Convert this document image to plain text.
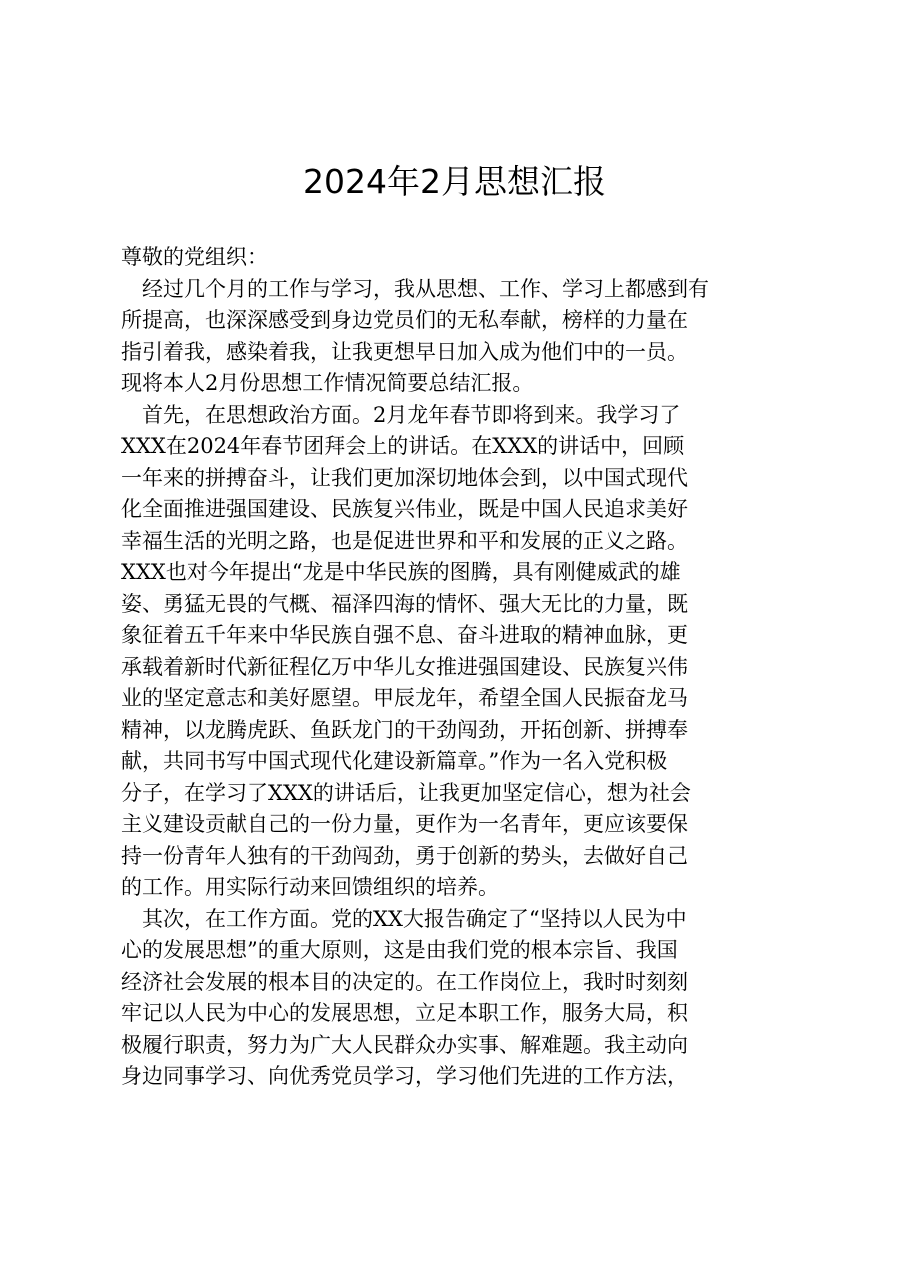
2024年2月思想汇报
尊敬的党组织：
经过几个月的工作与学习，我从思想、工作、学习上都感到有
所提高，也深深感受到身边党员们的无私奉献，榜样的力量在
指引着我，感染着我，让我更想早日加入成为他们中的一员。
现将本人2月份思想工作情况简要总结汇报。
首先，在思想政治方面。2月龙年春节即将到来。我学习了
XXX在2024年春节团拜会上的讲话。在XXX的讲话中，回顾
一年来的拼搏奋斗，让我们更加深切地体会到，以中国式现代
化全面推进强国建设、民族复兴伟业，既是中国人民追求美好
幸福生活的光明之路，也是促进世界和平和发展的正义之路。
XXX也对今年提出“龙是中华民族的图腾，具有刚健威武的雄
姿、勇猛无畏的气概、福泽四海的情怀、强大无比的力量，既
象征着五千年来中华民族自强不息、奋斗进取的精神血脉，更
承载着新时代新征程亿万中华儿女推进强国建设、民族复兴伟
业的坚定意志和美好愿望。甲辰龙年，希望全国人民振奋龙马
精神，以龙腾虎跃、鱼跃龙门的干劲闯劲，开拓创新、拼搏奉
献，共同书写中国式现代化建设新篇章。”作为一名入党积极
分子，在学习了XXX的讲话后，让我更加坚定信心，想为社会
主义建设贡献自己的一份力量，更作为一名青年，更应该要保
持一份青年人独有的干劲闯劲，勇于创新的势头，去做好自己
的工作。用实际行动来回馈组织的培养。
其次，在工作方面。党的XX大报告确定了“坚持以人民为中
心的发展思想”的重大原则，这是由我们党的根本宗旨、我国
经济社会发展的根本目的决定的。在工作岗位上，我时时刻刻
牢记以人民为中心的发展思想，立足本职工作，服务大局，积
极履行职责，努力为广大人民群众办实事、解难题。我主动向
身边同事学习、向优秀党员学习，学习他们先进的工作方法，
